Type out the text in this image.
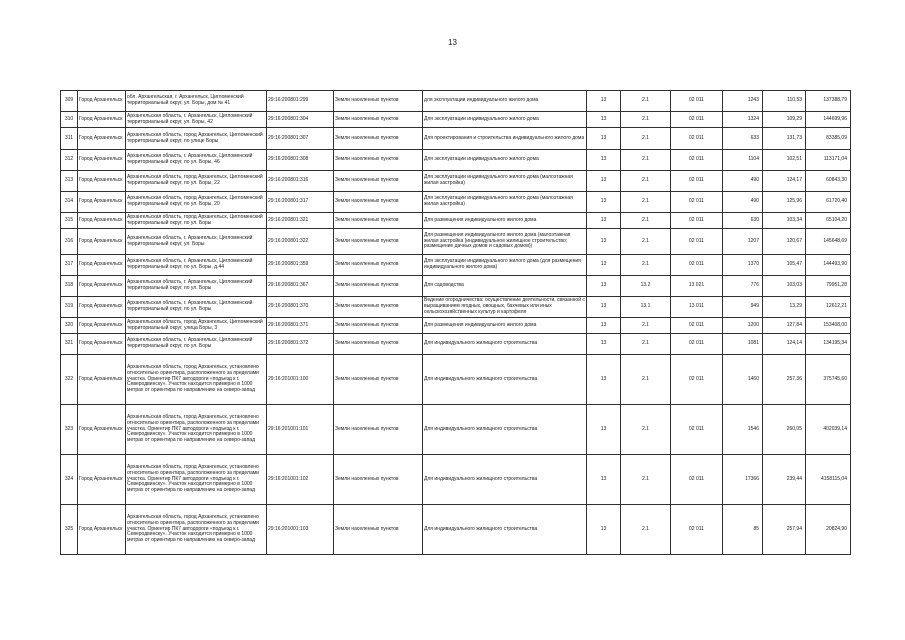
13
309	Город Архангельск	обл. Архангельская, г. Архангельск, Цигломенский территориальный округ, ул. Боры, дом № 41	29:16:200801:299	Земли населенных пунктов	для эксплуатации индивидуального жилого дома	13	2.1	02 011	1243	110,53	137388,79
310	Город Архангельск	Архангельская область, г. Архангельск, Цигломенский территориальный округ, ул. Боры, 42	29:16:200801:304	Земли населенных пунктов	Для эксплуатации индивидуального жилого дома	13	2.1	02 011	1324	109,29	144699,96
311	Город Архангельск	Архангельская область, город Архангельск, Цигломенский территориальный округ, по улице Боры	29:16:200801:307	Земли населенных пунктов	Для проектирования и строительства индивидуального жилого дома	13	2.1	02 011	633	131,73	83385,09
312	Город Архангельск	Архангельская область, г. Архангельск, Цигломенский территориальный округ, по ул. Боры, 46	29:16:200801:308	Земли населенных пунктов	Для эксплуатации индивидуального жилого дома	13	2.1	02 011	1104	102,51	113171,04
313	Город Архангельск	Архангельская область, город Архангельск, Цигломенский территориальный округ, по ул. Боры, 22	29:16:200801:316	Земли населенных пунктов	Для эксплуатации индивидуального жилого дома (малоэтажная жилая застройка)	13	2.1	02 011	490	124,17	60843,30
314	Город Архангельск	Архангельская область, город Архангельск, Цигломенский территориальный округ, по ул. Боры, 20	29:16:200801:317	Земли населенных пунктов	Для эксплуатации индивидуального жилого дома (малоэтажная жилая застройка)	13	2.1	02 011	490	125,96	61720,40
315	Город Архангельск	Архангельская область, город Архангельск, Цигломенский территориальный округ, по ул. Боры	29:16:200801:321	Земли населенных пунктов	Для размещения индивидуального жилого дома	13	2.1	02 011	630	103,34	65104,20
316	Город Архангельск	Архангельская область, г. Архангельск, Цигломенский территориальный округ, ул. Боры	29:16:200801:322	Земли населенных пунктов	Для размещения индивидуального жилого дома (малоэтажная жилая застройка (индивидуальное жилищное строительство; размещение дачных домов и садовых домов))	13	2.1	02 011	1207	120,67	145648,69
317	Город Архангельск	Архангельская область, г. Архангельск, Цигломенский территориальный округ, по ул. Боры, д.44	29:16:200801:359	Земли населенных пунктов	Для эксплуатации индивидуального жилого дома (для размещения индивидуального жилого дома)	13	2.1	02 011	1370	105,47	144493,90
318	Город Архангельск	Архангельская область, г. Архангельск, Цигломенский территориальный округ, по ул. Боры	29:16:200801:367	Земли населенных пунктов	Для садоводства	13	13.2	13 021	776	103,03	79951,28
319	Город Архангельск	Архангельская область, г. Архангельск, Цигломенский территориальный округ, по ул. Боры	29:16:200801:370	Земли населенных пунктов	Ведение огородничества: осуществление деятельности, связанной с выращиванием ягодных, овощных, бахчевых или иных сельскохозяйственных культур и картофеля	13	13.1	13 011	949	13,29	12612,21
320	Город Архангельск	Архангельская область, город Архангельск, Цигломенский территориальный округ, улица Боры, 3	29:16:200801:371	Земли населенных пунктов	Для размещения индивидуального жилого дома	13	2.1	02 011	1200	127,84	153408,00
321	Город Архангельск	Архангельская область, г. Архангельск, Цигломенский территориальный округ, по ул. Боры	29:16:200801:372	Земли населенных пунктов	Для индивидуального жилищного строительства	13	2.1	02 011	1081	124,14	134195,34
322	Город Архангельск	Архангельская область, город Архангельск, установлено относительно ориентира, расположенного за пределами участка. Ориентир ПК7 автодороги «подъезд к г. Северодвинску». Участок находится примерно в 1000 метрах от ориентира по направлению на северо-запад	29:16:201001:100	Земли населенных пунктов	Для индивидуального жилищного строительства	13	2.1	02 011	1460	257,36	375745,60
323	Город Архангельск	Архангельская область, город Архангельск, установлено относительно ориентира, расположенного за пределами участка. Ориентир ПК7 автодороги «подъезд к г. Северодвинску». Участок находится примерно в 1000 метрах от ориентира по направлению на северо-запад	29:16:201001:101	Земли населенных пунктов	Для индивидуального жилищного строительства	13	2.1	02 011	1546	260,05	402039,14
324	Город Архангельск	Архангельская область, город Архангельск, установлено относительно ориентира, расположенного за пределами участка. Ориентир ПК7 автодороги «подъезд к г. Северодвинску». Участок находится примерно в 1000 метрах от ориентира по направлению на северо-запад	29:16:201001:102	Земли населенных пунктов	Для индивидуального жилищного строительства	13	2.1	02 011	17366	239,44	4158115,04
325	Город Архангельск	Архангельская область, город Архангельск, установлено относительно ориентира, расположенного за пределами участка. Ориентир ПК7 автодороги «подъезд к г. Северодвинску». Участок находится примерно в 1000 метрах от ориентира по направлению на северо-запад	29:16:201001:103	Земли населенных пунктов	Для индивидуального жилищного строительства	13	2.1	02 011	85	257,94	20824,90
